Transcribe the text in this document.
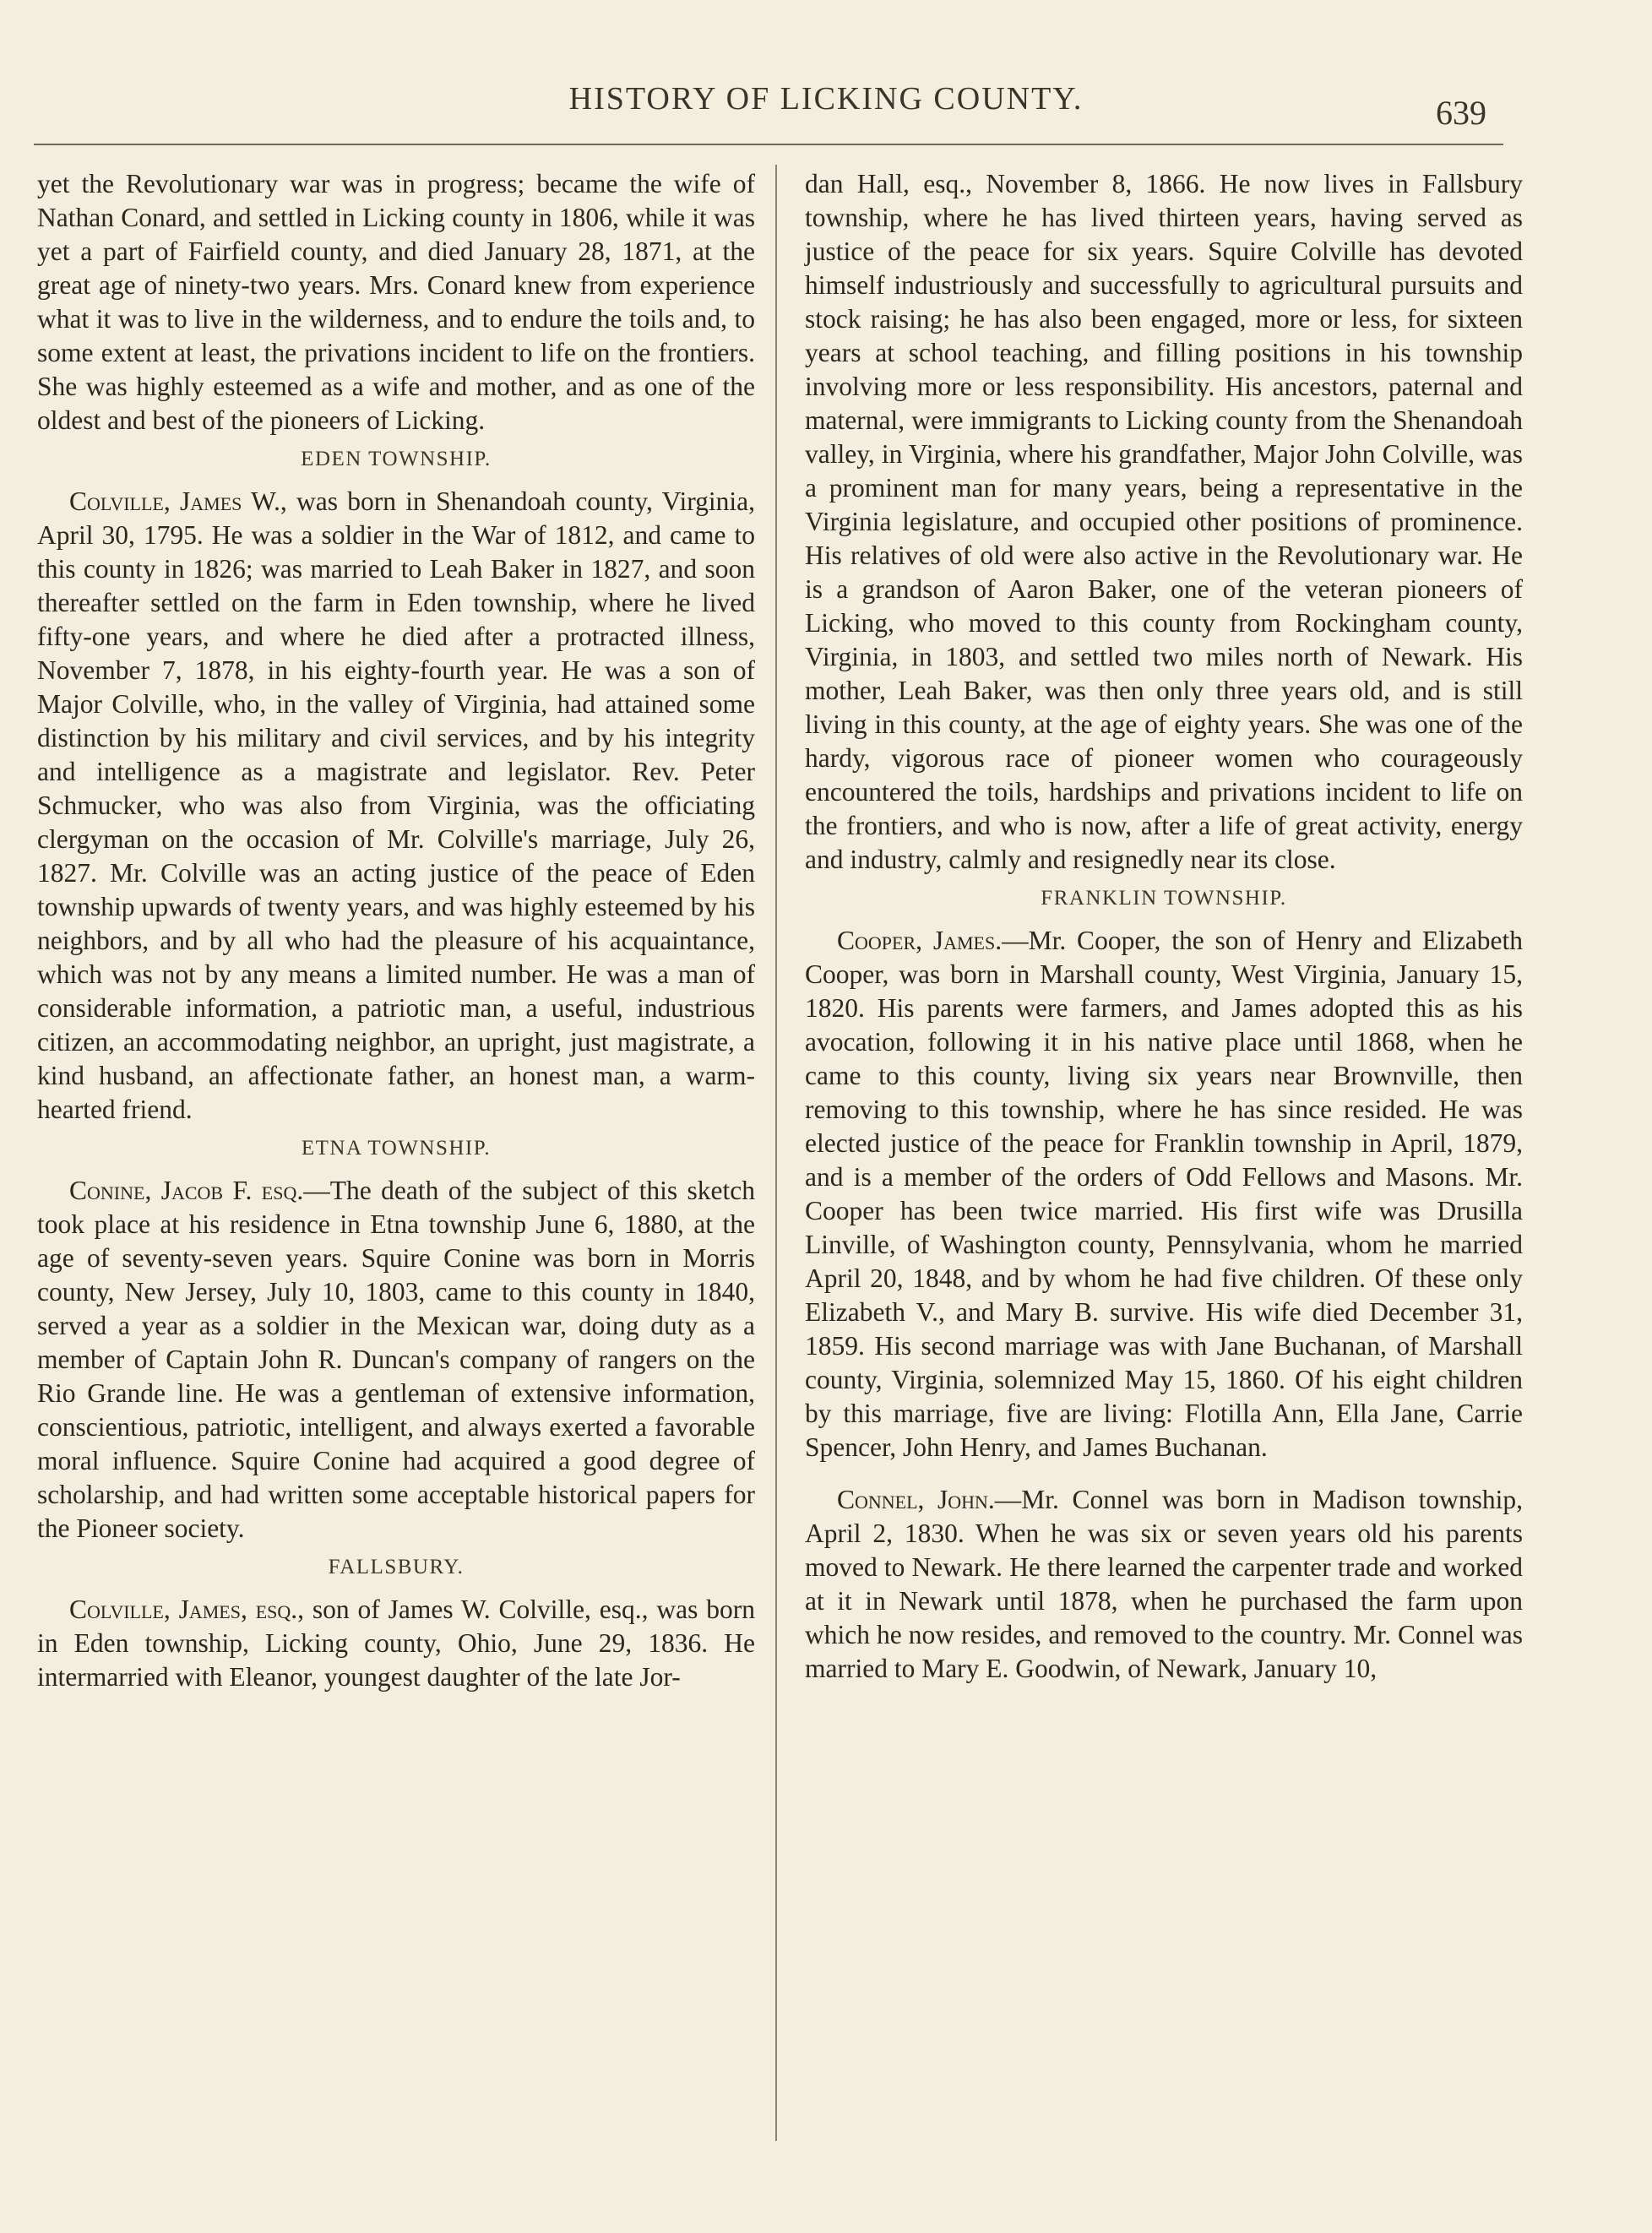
HISTORY OF LICKING COUNTY.	639

yet the Revolutionary war was in progress; became the wife of Nathan Conard, and settled in Licking county in 1806, while it was yet a part of Fairfield county, and died January 28, 1871, at the great age of ninety-two years. Mrs. Conard knew from experience what it was to live in the wilderness, and to endure the toils and, to some extent at least, the privations incident to life on the frontiers. She was highly esteemed as a wife and mother, and as one of the oldest and best of the pioneers of Licking.

EDEN TOWNSHIP.

Colville, James W., was born in Shenandoah county, Virginia, April 30, 1795. He was a soldier in the War of 1812, and came to this county in 1826; was married to Leah Baker in 1827, and soon thereafter settled on the farm in Eden township, where he lived fifty-one years, and where he died after a protracted illness, November 7, 1878, in his eighty-fourth year. He was a son of Major Colville, who, in the valley of Virginia, had attained some distinction by his military and civil services, and by his integrity and intelligence as a magistrate and legislator. Rev. Peter Schmucker, who was also from Virginia, was the officiating clergyman on the occasion of Mr. Colville's marriage, July 26, 1827. Mr. Colville was an acting justice of the peace of Eden township upwards of twenty years, and was highly esteemed by his neighbors, and by all who had the pleasure of his acquaintance, which was not by any means a limited number. He was a man of considerable information, a patriotic man, a useful, industrious citizen, an accommodating neighbor, an upright, just magistrate, a kind husband, an affectionate father, an honest man, a warm-hearted friend.

ETNA TOWNSHIP.

Conine, Jacob F. esq.—The death of the subject of this sketch took place at his residence in Etna township June 6, 1880, at the age of seventy-seven years. Squire Conine was born in Morris county, New Jersey, July 10, 1803, came to this county in 1840, served a year as a soldier in the Mexican war, doing duty as a member of Captain John R. Duncan's company of rangers on the Rio Grande line. He was a gentleman of extensive information, conscientious, patriotic, intelligent, and always exerted a favorable moral influence. Squire Conine had acquired a good degree of scholarship, and had written some acceptable historical papers for the Pioneer society.

FALLSBURY.

Colville, James, esq., son of James W. Colville, esq., was born in Eden township, Licking county, Ohio, June 29, 1836. He intermarried with Eleanor, youngest daughter of the late Jor-

dan Hall, esq., November 8, 1866. He now lives in Fallsbury township, where he has lived thirteen years, having served as justice of the peace for six years. Squire Colville has devoted himself industriously and successfully to agricultural pursuits and stock raising; he has also been engaged, more or less, for sixteen years at school teaching, and filling positions in his township involving more or less responsibility. His ancestors, paternal and maternal, were immigrants to Licking county from the Shenandoah valley, in Virginia, where his grandfather, Major John Colville, was a prominent man for many years, being a representative in the Virginia legislature, and occupied other positions of prominence. His relatives of old were also active in the Revolutionary war. He is a grandson of Aaron Baker, one of the veteran pioneers of Licking, who moved to this county from Rockingham county, Virginia, in 1803, and settled two miles north of Newark. His mother, Leah Baker, was then only three years old, and is still living in this county, at the age of eighty years. She was one of the hardy, vigorous race of pioneer women who courageously encountered the toils, hardships and privations incident to life on the frontiers, and who is now, after a life of great activity, energy and industry, calmly and resignedly near its close.

FRANKLIN TOWNSHIP.

Cooper, James.—Mr. Cooper, the son of Henry and Elizabeth Cooper, was born in Marshall county, West Virginia, January 15, 1820. His parents were farmers, and James adopted this as his avocation, following it in his native place until 1868, when he came to this county, living six years near Brownville, then removing to this township, where he has since resided. He was elected justice of the peace for Franklin township in April, 1879, and is a member of the orders of Odd Fellows and Masons. Mr. Cooper has been twice married. His first wife was Drusilla Linville, of Washington county, Pennsylvania, whom he married April 20, 1848, and by whom he had five children. Of these only Elizabeth V., and Mary B. survive. His wife died December 31, 1859. His second marriage was with Jane Buchanan, of Marshall county, Virginia, solemnized May 15, 1860. Of his eight children by this marriage, five are living: Flotilla Ann, Ella Jane, Carrie Spencer, John Henry, and James Buchanan.

Connel, John.—Mr. Connel was born in Madison township, April 2, 1830. When he was six or seven years old his parents moved to Newark. He there learned the carpenter trade and worked at it in Newark until 1878, when he purchased the farm upon which he now resides, and removed to the country. Mr. Connel was married to Mary E. Goodwin, of Newark, January 10,
